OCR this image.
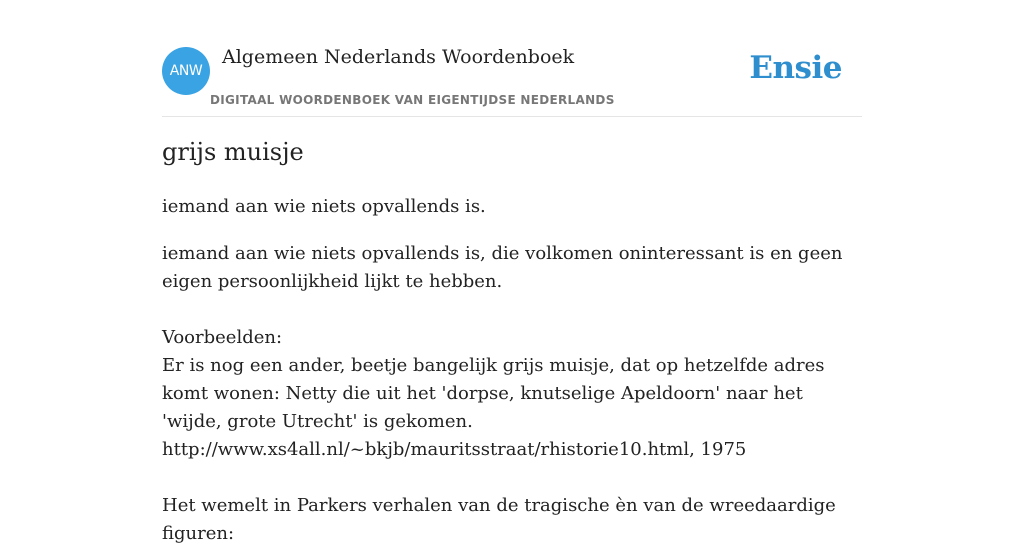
ANW
Algemeen Nederlands Woordenboek
DIGITAAL WOORDENBOEK VAN EIGENTIJDSE NEDERLANDS
Ensie
grijs muisje

iemand aan wie niets opvallends is.

iemand aan wie niets opvallends is, die volkomen oninteressant is en geen eigen persoonlijkheid lijkt te hebben.

Voorbeelden:

Er is nog een ander, beetje bangelijk grijs muisje, dat op hetzelfde adres komt wonen: Netty die uit het 'dorpse, knutselige Apeldoorn' naar het 'wijde, grote Utrecht' is gekomen.

http://www.xs4all.nl/~bkjb/mauritsstraat/rhistorie10.html, 1975

Het wemelt in Parkers verhalen van de tragische èn van de wreedaardige figuren:
